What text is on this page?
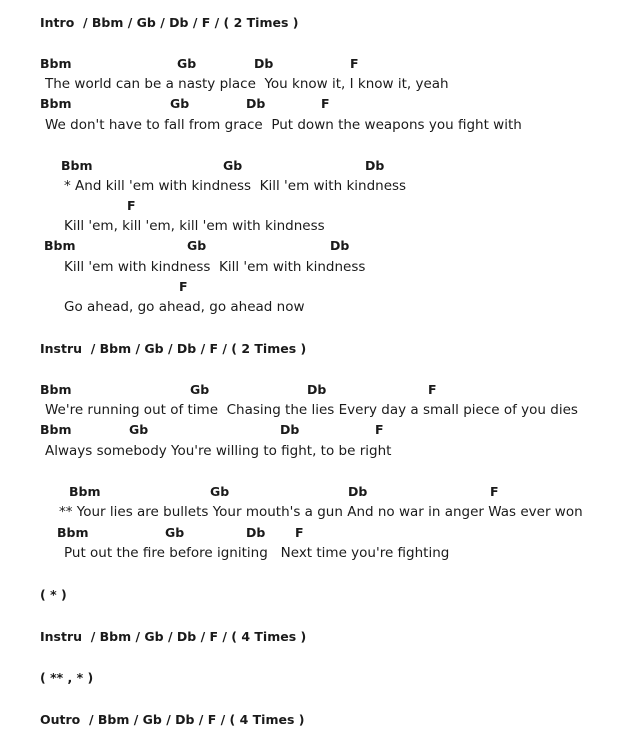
Intro  / Bbm / Gb / Db / F / ( 2 Times )
Bbm	Gb	Db	F
The world can be a nasty place  You know it, I know it, yeah
Bbm	Gb	Db	F
We don't have to fall from grace  Put down the weapons you fight with
Bbm	Gb	Db
* And kill 'em with kindness  Kill 'em with kindness
F
Kill 'em, kill 'em, kill 'em with kindness
Bbm	Gb	Db
Kill 'em with kindness  Kill 'em with kindness
F
Go ahead, go ahead, go ahead now
Instru  / Bbm / Gb / Db / F / ( 2 Times )
Bbm	Gb	Db	F
We're running out of time  Chasing the lies Every day a small piece of you dies
Bbm	Gb	Db	F
Always somebody You're willing to fight, to be right
Bbm	Gb	Db	F
** Your lies are bullets Your mouth's a gun And no war in anger Was ever won
Bbm	Gb	Db F
Put out the fire before igniting   Next time you're fighting
( * )
Instru  / Bbm / Gb / Db / F / ( 4 Times )
( ** , * )
Outro  / Bbm / Gb / Db / F / ( 4 Times )
